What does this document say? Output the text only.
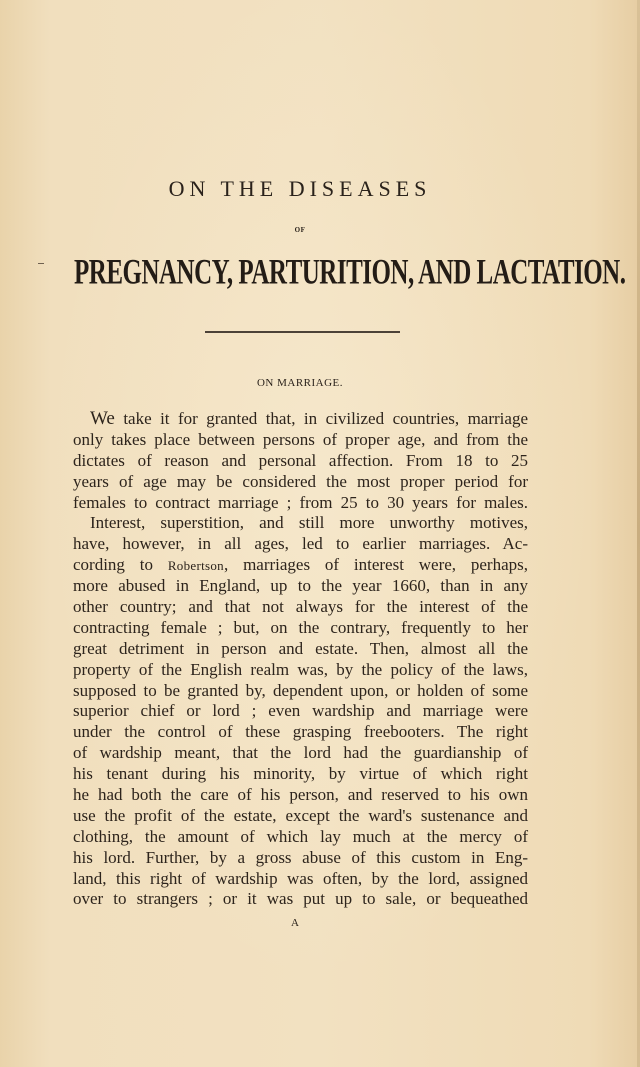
ON THE DISEASES
OF
PREGNANCY, PARTURITION, AND LACTATION.
ON MARRIAGE.
We take it for granted that, in civilized countries, marriage
only takes place between persons of proper age, and from the
dictates of reason and personal affection. From 18 to 25
years of age may be considered the most proper period for
females to contract marriage ; from 25 to 30 years for males.
Interest, superstition, and still more unworthy motives,
have, however, in all ages, led to earlier marriages. Ac-
cording to Robertson, marriages of interest were, perhaps,
more abused in England, up to the year 1660, than in any
other country; and that not always for the interest of the
contracting female ; but, on the contrary, frequently to her
great detriment in person and estate. Then, almost all the
property of the English realm was, by the policy of the laws,
supposed to be granted by, dependent upon, or holden of some
superior chief or lord ; even wardship and marriage were
under the control of these grasping freebooters. The right
of wardship meant, that the lord had the guardianship of
his tenant during his minority, by virtue of which right
he had both the care of his person, and reserved to his own
use the profit of the estate, except the ward's sustenance and
clothing, the amount of which lay much at the mercy of
his lord. Further, by a gross abuse of this custom in Eng-
land, this right of wardship was often, by the lord, assigned
over to strangers ; or it was put up to sale, or bequeathed
A
